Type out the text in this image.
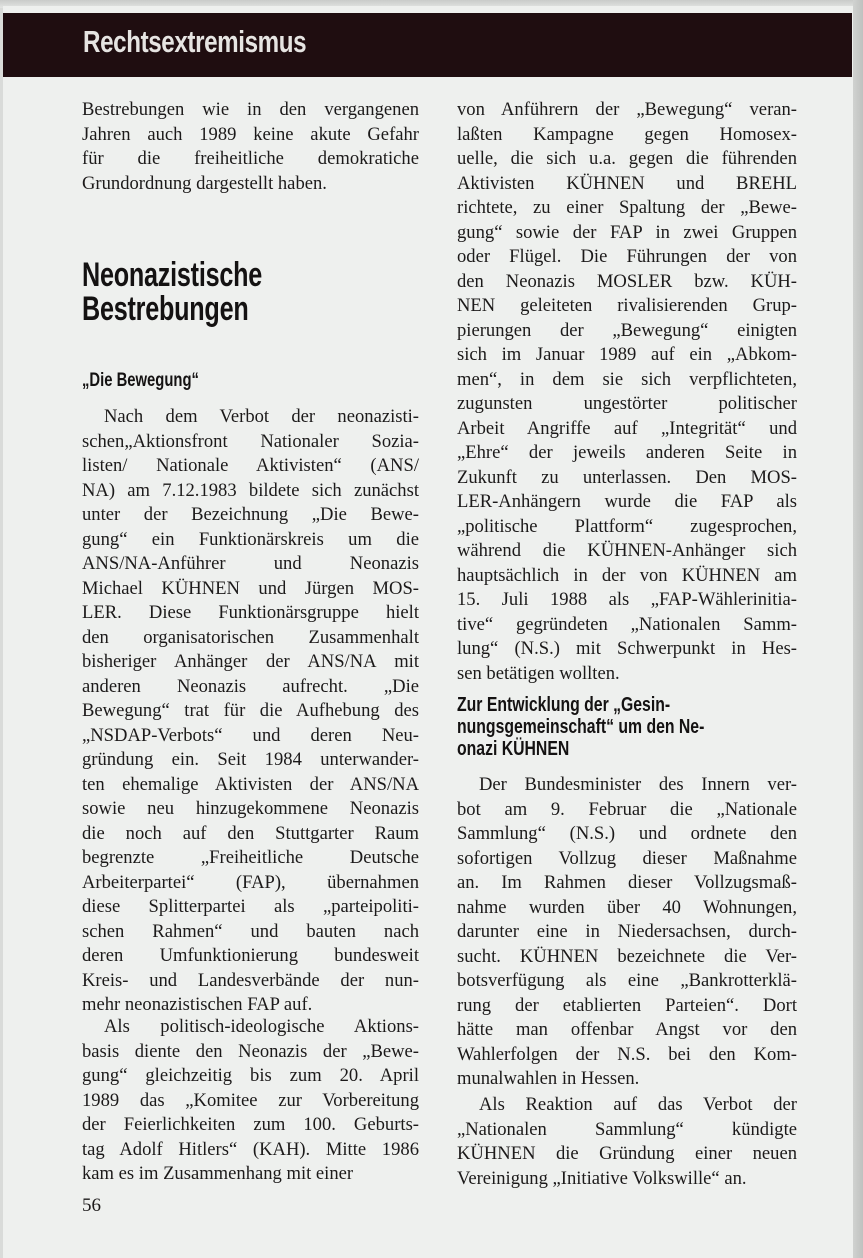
Rechtsextremismus
Bestrebungen wie in den vergangenen
Jahren auch 1989 keine akute Gefahr
für die freiheitliche demokratiche
Grundordnung dargestellt haben.
Neonazistische
Bestrebungen
„Die Bewegung“
Nach dem Verbot der neonazisti-
schen„Aktionsfront Nationaler Sozia-
listen/ Nationale Aktivisten“ (ANS/
NA) am 7.12.1983 bildete sich zunächst
unter der Bezeichnung „Die Bewe-
gung“ ein Funktionärskreis um die
ANS/NA-Anführer und Neonazis
Michael KÜHNEN und Jürgen MOS-
LER. Diese Funktionärsgruppe hielt
den organisatorischen Zusammenhalt
bisheriger Anhänger der ANS/NA mit
anderen Neonazis aufrecht. „Die
Bewegung“ trat für die Aufhebung des
„NSDAP-Verbots“ und deren Neu-
gründung ein. Seit 1984 unterwander-
ten ehemalige Aktivisten der ANS/NA
sowie neu hinzugekommene Neonazis
die noch auf den Stuttgarter Raum
begrenzte „Freiheitliche Deutsche
Arbeiterpartei“ (FAP), übernahmen
diese Splitterpartei als „parteipoliti-
schen Rahmen“ und bauten nach
deren Umfunktionierung bundesweit
Kreis- und Landesverbände der nun-
mehr neonazistischen FAP auf.
Als politisch-ideologische Aktions-
basis diente den Neonazis der „Bewe-
gung“ gleichzeitig bis zum 20. April
1989 das „Komitee zur Vorbereitung
der Feierlichkeiten zum 100. Geburts-
tag Adolf Hitlers“ (KAH). Mitte 1986
kam es im Zusammenhang mit einer
von Anführern der „Bewegung“ veran-
laßten Kampagne gegen Homosex-
uelle, die sich u.a. gegen die führenden
Aktivisten KÜHNEN und BREHL
richtete, zu einer Spaltung der „Bewe-
gung“ sowie der FAP in zwei Gruppen
oder Flügel. Die Führungen der von
den Neonazis MOSLER bzw. KÜH-
NEN geleiteten rivalisierenden Grup-
pierungen der „Bewegung“ einigten
sich im Januar 1989 auf ein „Abkom-
men“, in dem sie sich verpflichteten,
zugunsten ungestörter politischer
Arbeit Angriffe auf „Integrität“ und
„Ehre“ der jeweils anderen Seite in
Zukunft zu unterlassen. Den MOS-
LER-Anhängern wurde die FAP als
„politische Plattform“ zugesprochen,
während die KÜHNEN-Anhänger sich
hauptsächlich in der von KÜHNEN am
15. Juli 1988 als „FAP-Wählerinitia-
tive“ gegründeten „Nationalen Samm-
lung“ (N.S.) mit Schwerpunkt in Hes-
sen betätigen wollten.
Zur Entwicklung der „Gesin-
nungsgemeinschaft“ um den Ne-
onazi KÜHNEN
Der Bundesminister des Innern ver-
bot am 9. Februar die „Nationale
Sammlung“ (N.S.) und ordnete den
sofortigen Vollzug dieser Maßnahme
an. Im Rahmen dieser Vollzugsmaß-
nahme wurden über 40 Wohnungen,
darunter eine in Niedersachsen, durch-
sucht. KÜHNEN bezeichnete die Ver-
botsverfügung als eine „Bankrotterklä-
rung der etablierten Parteien“. Dort
hätte man offenbar Angst vor den
Wahlerfolgen der N.S. bei den Kom-
munalwahlen in Hessen.
Als Reaktion auf das Verbot der
„Nationalen Sammlung“ kündigte
KÜHNEN die Gründung einer neuen
Vereinigung „Initiative Volkswille“ an.
56
